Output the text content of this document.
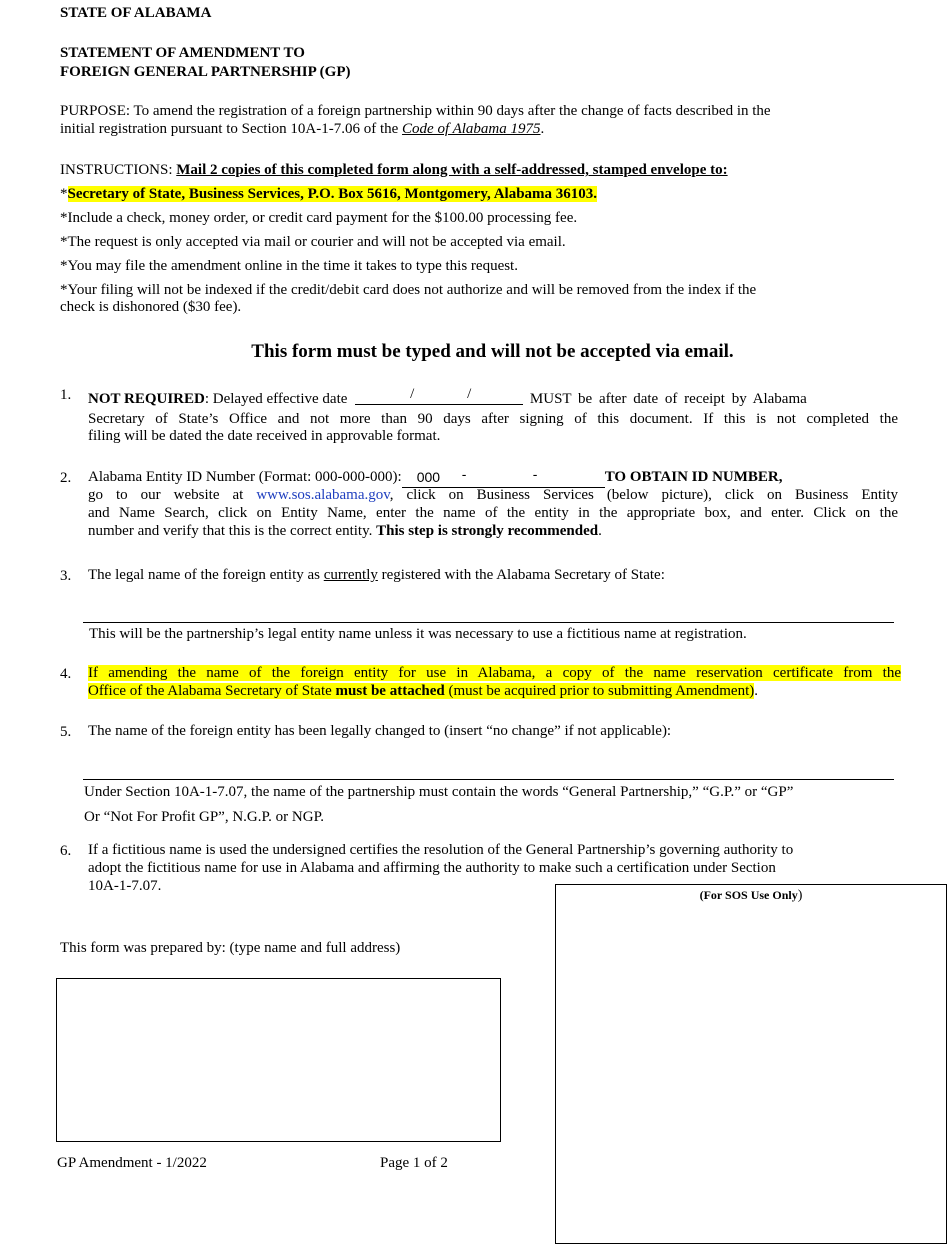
STATE OF ALABAMA
STATEMENT OF AMENDMENT TO
FOREIGN GENERAL PARTNERSHIP (GP)
PURPOSE: To amend the registration of a foreign partnership within 90 days after the change of facts described in the
initial registration pursuant to Section 10A-1-7.06 of the Code of Alabama 1975.
INSTRUCTIONS: Mail 2 copies of this completed form along with a self-addressed, stamped envelope to:
*Secretary of State, Business Services, P.O. Box 5616, Montgomery, Alabama 36103.
*Include a check, money order, or credit card payment for the $100.00 processing fee.
*The request is only accepted via mail or courier and will not be accepted via email.
*You may file the amendment online in the time it takes to type this request.
*Your filing will not be indexed if the credit/debit card does not authorize and will be removed from the index if the
check is dishonored ($30 fee).
This form must be typed and will not be accepted via email.
1. NOT REQUIRED: Delayed effective date	/	/	MUST be after date of receipt by Alabama
Secretary of State’s Office and not more than 90 days after signing of this document. If this is not completed the
filing will be dated the date received in approvable format.
2. Alabama Entity ID Number (Format: 000-000-000): 000 -	-	TO OBTAIN ID NUMBER,
go to our website at www.sos.alabama.gov, click on Business Services (below picture), click on Business Entity
and Name Search, click on Entity Name, enter the name of the entity in the appropriate box, and enter. Click on the
number and verify that this is the correct entity. This step is strongly recommended.
3. The legal name of the foreign entity as currently registered with the Alabama Secretary of State:
This will be the partnership’s legal entity name unless it was necessary to use a fictitious name at registration.
4. If amending the name of the foreign entity for use in Alabama, a copy of the name reservation certificate from the
Office of the Alabama Secretary of State must be attached (must be acquired prior to submitting Amendment).
5. The name of the foreign entity has been legally changed to (insert “no change” if not applicable):
Under Section 10A-1-7.07, the name of the partnership must contain the words “General Partnership,” “G.P.” or “GP”
Or “Not For Profit GP”, N.G.P. or NGP.
6. If a fictitious name is used the undersigned certifies the resolution of the General Partnership’s governing authority to
adopt the fictitious name for use in Alabama and affirming the authority to make such a certification under Section
10A-1-7.07.
(For SOS Use Only)
This form was prepared by: (type name and full address)
GP Amendment - 1/2022	Page 1 of 2
